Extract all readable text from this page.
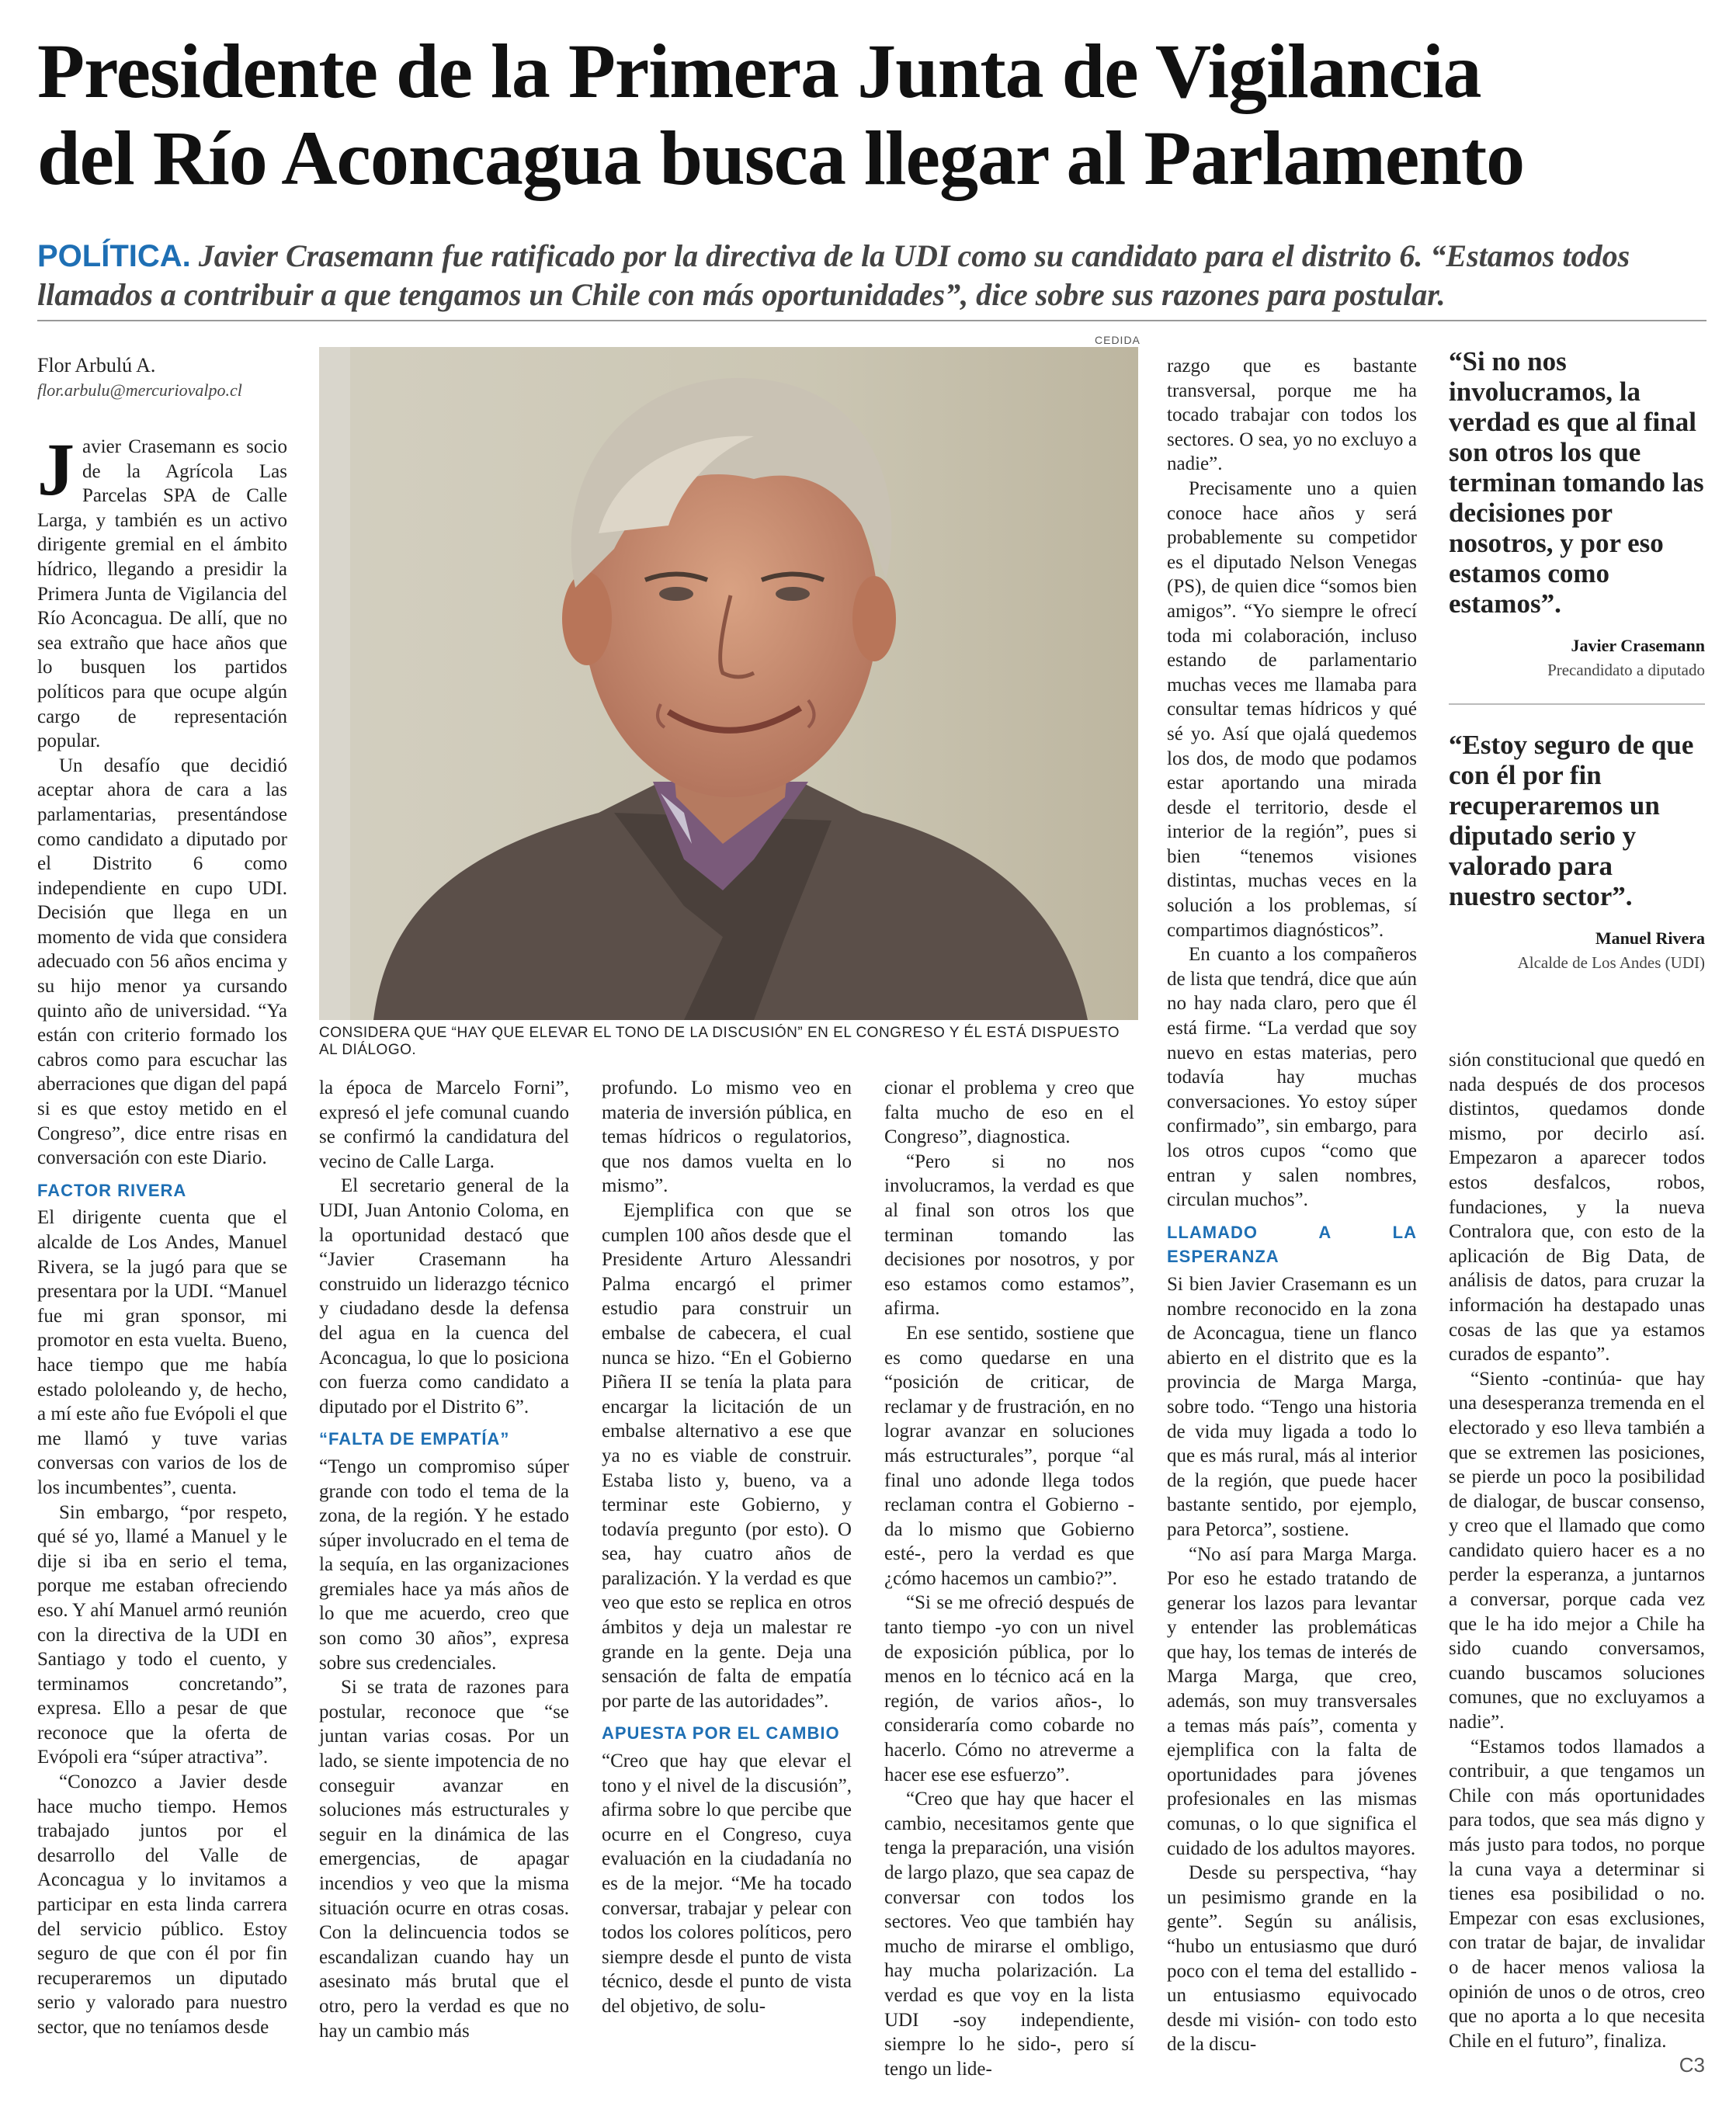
Presidente de la Primera Junta de Vigilancia
del Río Aconcagua busca llegar al Parlamento
POLÍTICA. Javier Crasemann fue ratificado por la directiva de la UDI como su candidato para el distrito 6. “Estamos todos llamados a contribuir a que tengamos un Chile con más oportunidades”, dice sobre sus razones para postular.
Flor Arbulú A.
flor.arbulu@mercuriovalpo.cl
CEDIDA
CONSIDERA QUE “HAY QUE ELEVAR EL TONO DE LA DISCUSIÓN” EN EL CONGRESO Y ÉL ESTÁ DISPUESTO AL DIÁLOGO.
J avier Crasemann es socio de la Agrícola Las Parcelas SPA de Calle Larga, y también es un activo dirigente gremial en el ámbito hídrico, llegando a presidir la Primera Junta de Vigilancia del Río Aconcagua. De allí, que no sea extraño que hace años que lo busquen los partidos políticos para que ocupe algún cargo de representación popular.

Un desafío que decidió aceptar ahora de cara a las parlamentarias, presentándose como candidato a diputado por el Distrito 6 como independiente en cupo UDI. Decisión que llega en un momento de vida que considera adecuado con 56 años encima y su hijo menor ya cursando quinto año de universidad. “Ya están con criterio formado los cabros como para escuchar las aberraciones que digan del papá si es que estoy metido en el Congreso”, dice entre risas en conversación con este Diario.

FACTOR RIVERA

El dirigente cuenta que el alcalde de Los Andes, Manuel Rivera, se la jugó para que se presentara por la UDI. “Manuel fue mi gran sponsor, mi promotor en esta vuelta. Bueno, hace tiempo que me había estado pololeando y, de hecho, a mí este año fue Evópoli el que me llamó y tuve varias conversas con varios de los de los incumbentes”, cuenta.

Sin embargo, “por respeto, qué sé yo, llamé a Manuel y le dije si iba en serio el tema, porque me estaban ofreciendo eso. Y ahí Manuel armó reunión con la directiva de la UDI en Santiago y todo el cuento, y terminamos concretando”, expresa. Ello a pesar de que reconoce que la oferta de Evópoli era “súper atractiva”.

“Conozco a Javier desde hace mucho tiempo. Hemos trabajado juntos por el desarrollo del Valle de Aconcagua y lo invitamos a participar en esta linda carrera del servicio público. Estoy seguro de que con él por fin recuperaremos un diputado serio y valorado para nuestro sector, que no teníamos desde

la época de Marcelo Forni”, expresó el jefe comunal cuando se confirmó la candidatura del vecino de Calle Larga.

El secretario general de la UDI, Juan Antonio Coloma, en la oportunidad destacó que “Javier Crasemann ha construido un liderazgo técnico y ciudadano desde la defensa del agua en la cuenca del Aconcagua, lo que lo posiciona con fuerza como candidato a diputado por el Distrito 6”.

“FALTA DE EMPATÍA”

“Tengo un compromiso súper grande con todo el tema de la zona, de la región. Y he estado súper involucrado en el tema de la sequía, en las organizaciones gremiales hace ya más años de lo que me acuerdo, creo que son como 30 años”, expresa sobre sus credenciales.

Si se trata de razones para postular, reconoce que “se juntan varias cosas. Por un lado, se siente impotencia de no conseguir avanzar en soluciones más estructurales y seguir en la dinámica de las emergencias, de apagar incendios y veo que la misma situación ocurre en otras cosas. Con la delincuencia todos se escandalizan cuando hay un asesinato más brutal que el otro, pero la verdad es que no hay un cambio más

profundo. Lo mismo veo en materia de inversión pública, en temas hídricos o regulatorios, que nos damos vuelta en lo mismo”.

Ejemplifica con que se cumplen 100 años desde que el Presidente Arturo Alessandri Palma encargó el primer estudio para construir un embalse de cabecera, el cual nunca se hizo. “En el Gobierno Piñera II se tenía la plata para encargar la licitación de un embalse alternativo a ese que ya no es viable de construir. Estaba listo y, bueno, va a terminar este Gobierno, y todavía pregunto (por esto). O sea, hay cuatro años de paralización. Y la verdad es que veo que esto se replica en otros ámbitos y deja un malestar re grande en la gente. Deja una sensación de falta de empatía por parte de las autoridades”.

APUESTA POR EL CAMBIO

“Creo que hay que elevar el tono y el nivel de la discusión”, afirma sobre lo que percibe que ocurre en el Congreso, cuya evaluación en la ciudadanía no es de la mejor. “Me ha tocado conversar, trabajar y pelear con todos los colores políticos, pero siempre desde el punto de vista técnico, desde el punto de vista del objetivo, de solu-

cionar el problema y creo que falta mucho de eso en el Congreso”, diagnostica.

“Pero si no nos involucramos, la verdad es que al final son otros los que terminan tomando las decisiones por nosotros, y por eso estamos como estamos”, afirma.

En ese sentido, sostiene que es como quedarse en una “posición de criticar, de reclamar y de frustración, en no lograr avanzar en soluciones más estructurales”, porque “al final uno adonde llega todos reclaman contra el Gobierno -da lo mismo que Gobierno esté-, pero la verdad es que ¿cómo hacemos un cambio?”.

“Si se me ofreció después de tanto tiempo -yo con un nivel de exposición pública, por lo menos en lo técnico acá en la región, de varios años-, lo consideraría como cobarde no hacerlo. Cómo no atreverme a hacer ese ese esfuerzo”.

“Creo que hay que hacer el cambio, necesitamos gente que tenga la preparación, una visión de largo plazo, que sea capaz de conversar con todos los sectores. Veo que también hay mucho de mirarse el ombligo, hay mucha polarización. La verdad es que voy en la lista UDI -soy independiente, siempre lo he sido-, pero sí tengo un lide-

razgo que es bastante transversal, porque me ha tocado trabajar con todos los sectores. O sea, yo no excluyo a nadie”.

Precisamente uno a quien conoce hace años y será probablemente su competidor es el diputado Nelson Venegas (PS), de quien dice “somos bien amigos”. “Yo siempre le ofrecí toda mi colaboración, incluso estando de parlamentario muchas veces me llamaba para consultar temas hídricos y qué sé yo. Así que ojalá quedemos los dos, de modo que podamos estar aportando una mirada desde el territorio, desde el interior de la región”, pues si bien “tenemos visiones distintas, muchas veces en la solución a los problemas, sí compartimos diagnósticos”.

En cuanto a los compañeros de lista que tendrá, dice que aún no hay nada claro, pero que él está firme. “La verdad que soy nuevo en estas materias, pero todavía hay muchas conversaciones. Yo estoy súper confirmado”, sin embargo, para los otros cupos “como que entran y salen nombres, circulan muchos”.

LLAMADO A LA ESPERANZA

Si bien Javier Crasemann es un nombre reconocido en la zona de Aconcagua, tiene un flanco abierto en el distrito que es la provincia de Marga Marga, sobre todo. “Tengo una historia de vida muy ligada a todo lo que es más rural, más al interior de la región, que puede hacer bastante sentido, por ejemplo, para Petorca”, sostiene.

“No así para Marga Marga. Por eso he estado tratando de generar los lazos para levantar y entender las problemáticas que hay, los temas de interés de Marga Marga, que creo, además, son muy transversales a temas más país”, comenta y ejemplifica con la falta de oportunidades para jóvenes profesionales en las mismas comunas, o lo que significa el cuidado de los adultos mayores.

Desde su perspectiva, “hay un pesimismo grande en la gente”. Según su análisis, “hubo un entusiasmo que duró poco con el tema del estallido - un entusiasmo equivocado desde mi visión- con todo esto de la discu-

“Si no nos involucramos, la verdad es que al final son otros los que terminan tomando las decisiones por nosotros, y por eso estamos como estamos”.
Javier Crasemann
Precandidato a diputado
“Estoy seguro de que con él por fin recuperaremos un diputado serio y valorado para nuestro sector”.
Manuel Rivera
Alcalde de Los Andes (UDI)

sión constitucional que quedó en nada después de dos procesos distintos, quedamos donde mismo, por decirlo así. Empezaron a aparecer todos estos desfalcos, robos, fundaciones, y la nueva Contralora que, con esto de la aplicación de Big Data, de análisis de datos, para cruzar la información ha destapado unas cosas de las que ya estamos curados de espanto”.

“Siento -continúa- que hay una desesperanza tremenda en el electorado y eso lleva también a que se extremen las posiciones, se pierde un poco la posibilidad de dialogar, de buscar consenso, y creo que el llamado que como candidato quiero hacer es a no perder la esperanza, a juntarnos a conversar, porque cada vez que le ha ido mejor a Chile ha sido cuando conversamos, cuando buscamos soluciones comunes, que no excluyamos a nadie”.

“Estamos todos llamados a contribuir, a que tengamos un Chile con más oportunidades para todos, que sea más digno y más justo para todos, no porque la cuna vaya a determinar si tienes esa posibilidad o no. Empezar con esas exclusiones, con tratar de bajar, de invalidar o de hacer menos valiosa la opinión de unos o de otros, creo que no aporta a lo que necesita Chile en el futuro”, finaliza.

C3
